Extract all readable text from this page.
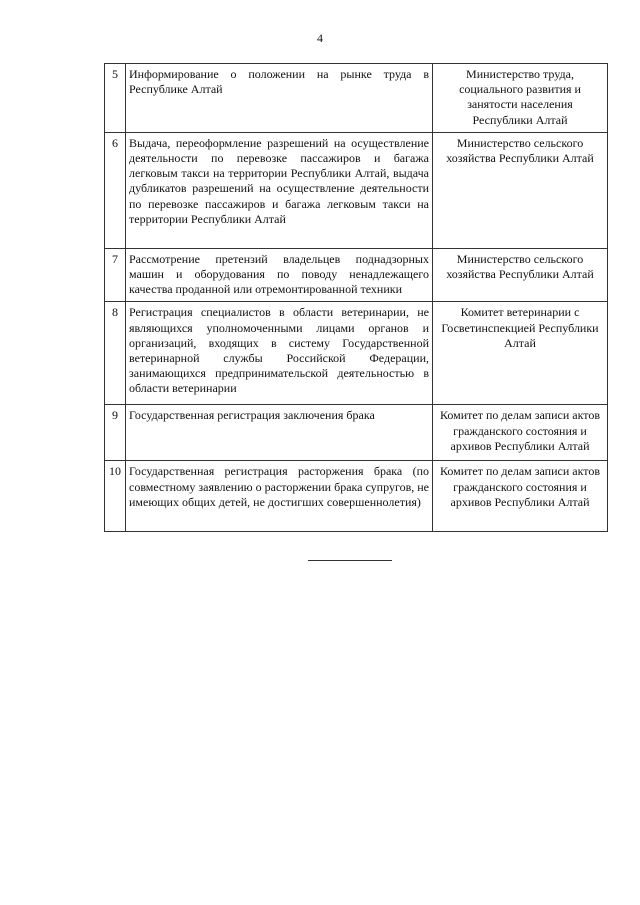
4
5	Информирование о положении на рынке труда в Республике Алтай	Министерство труда, социального развития и занятости населения Республики Алтай
6	Выдача, переоформление разрешений на осуществление деятельности по перевозке пассажиров и багажа легковым такси на территории Республики Алтай, выдача дубликатов разрешений на осуществление деятельности по перевозке пассажиров и багажа легковым такси на территории Республики Алтай	Министерство сельского хозяйства Республики Алтай
7	Рассмотрение претензий владельцев поднадзорных машин и оборудования по поводу ненадлежащего качества проданной или отремонтированной техники	Министерство сельского хозяйства Республики Алтай
8	Регистрация специалистов в области ветеринарии, не являющихся уполномоченными лицами органов и организаций, входящих в систему Государственной ветеринарной службы Российской Федерации, занимающихся предпринимательской деятельностью в области ветеринарии	Комитет ветеринарии с Госветинспекцией Республики Алтай
9	Государственная регистрация заключения брака	Комитет по делам записи актов гражданского состояния и архивов Республики Алтай
10	Государственная регистрация расторжения брака (по совместному заявлению о расторжении брака супругов, не имеющих общих детей, не достигших совершеннолетия)	Комитет по делам записи актов гражданского состояния и архивов Республики Алтай
